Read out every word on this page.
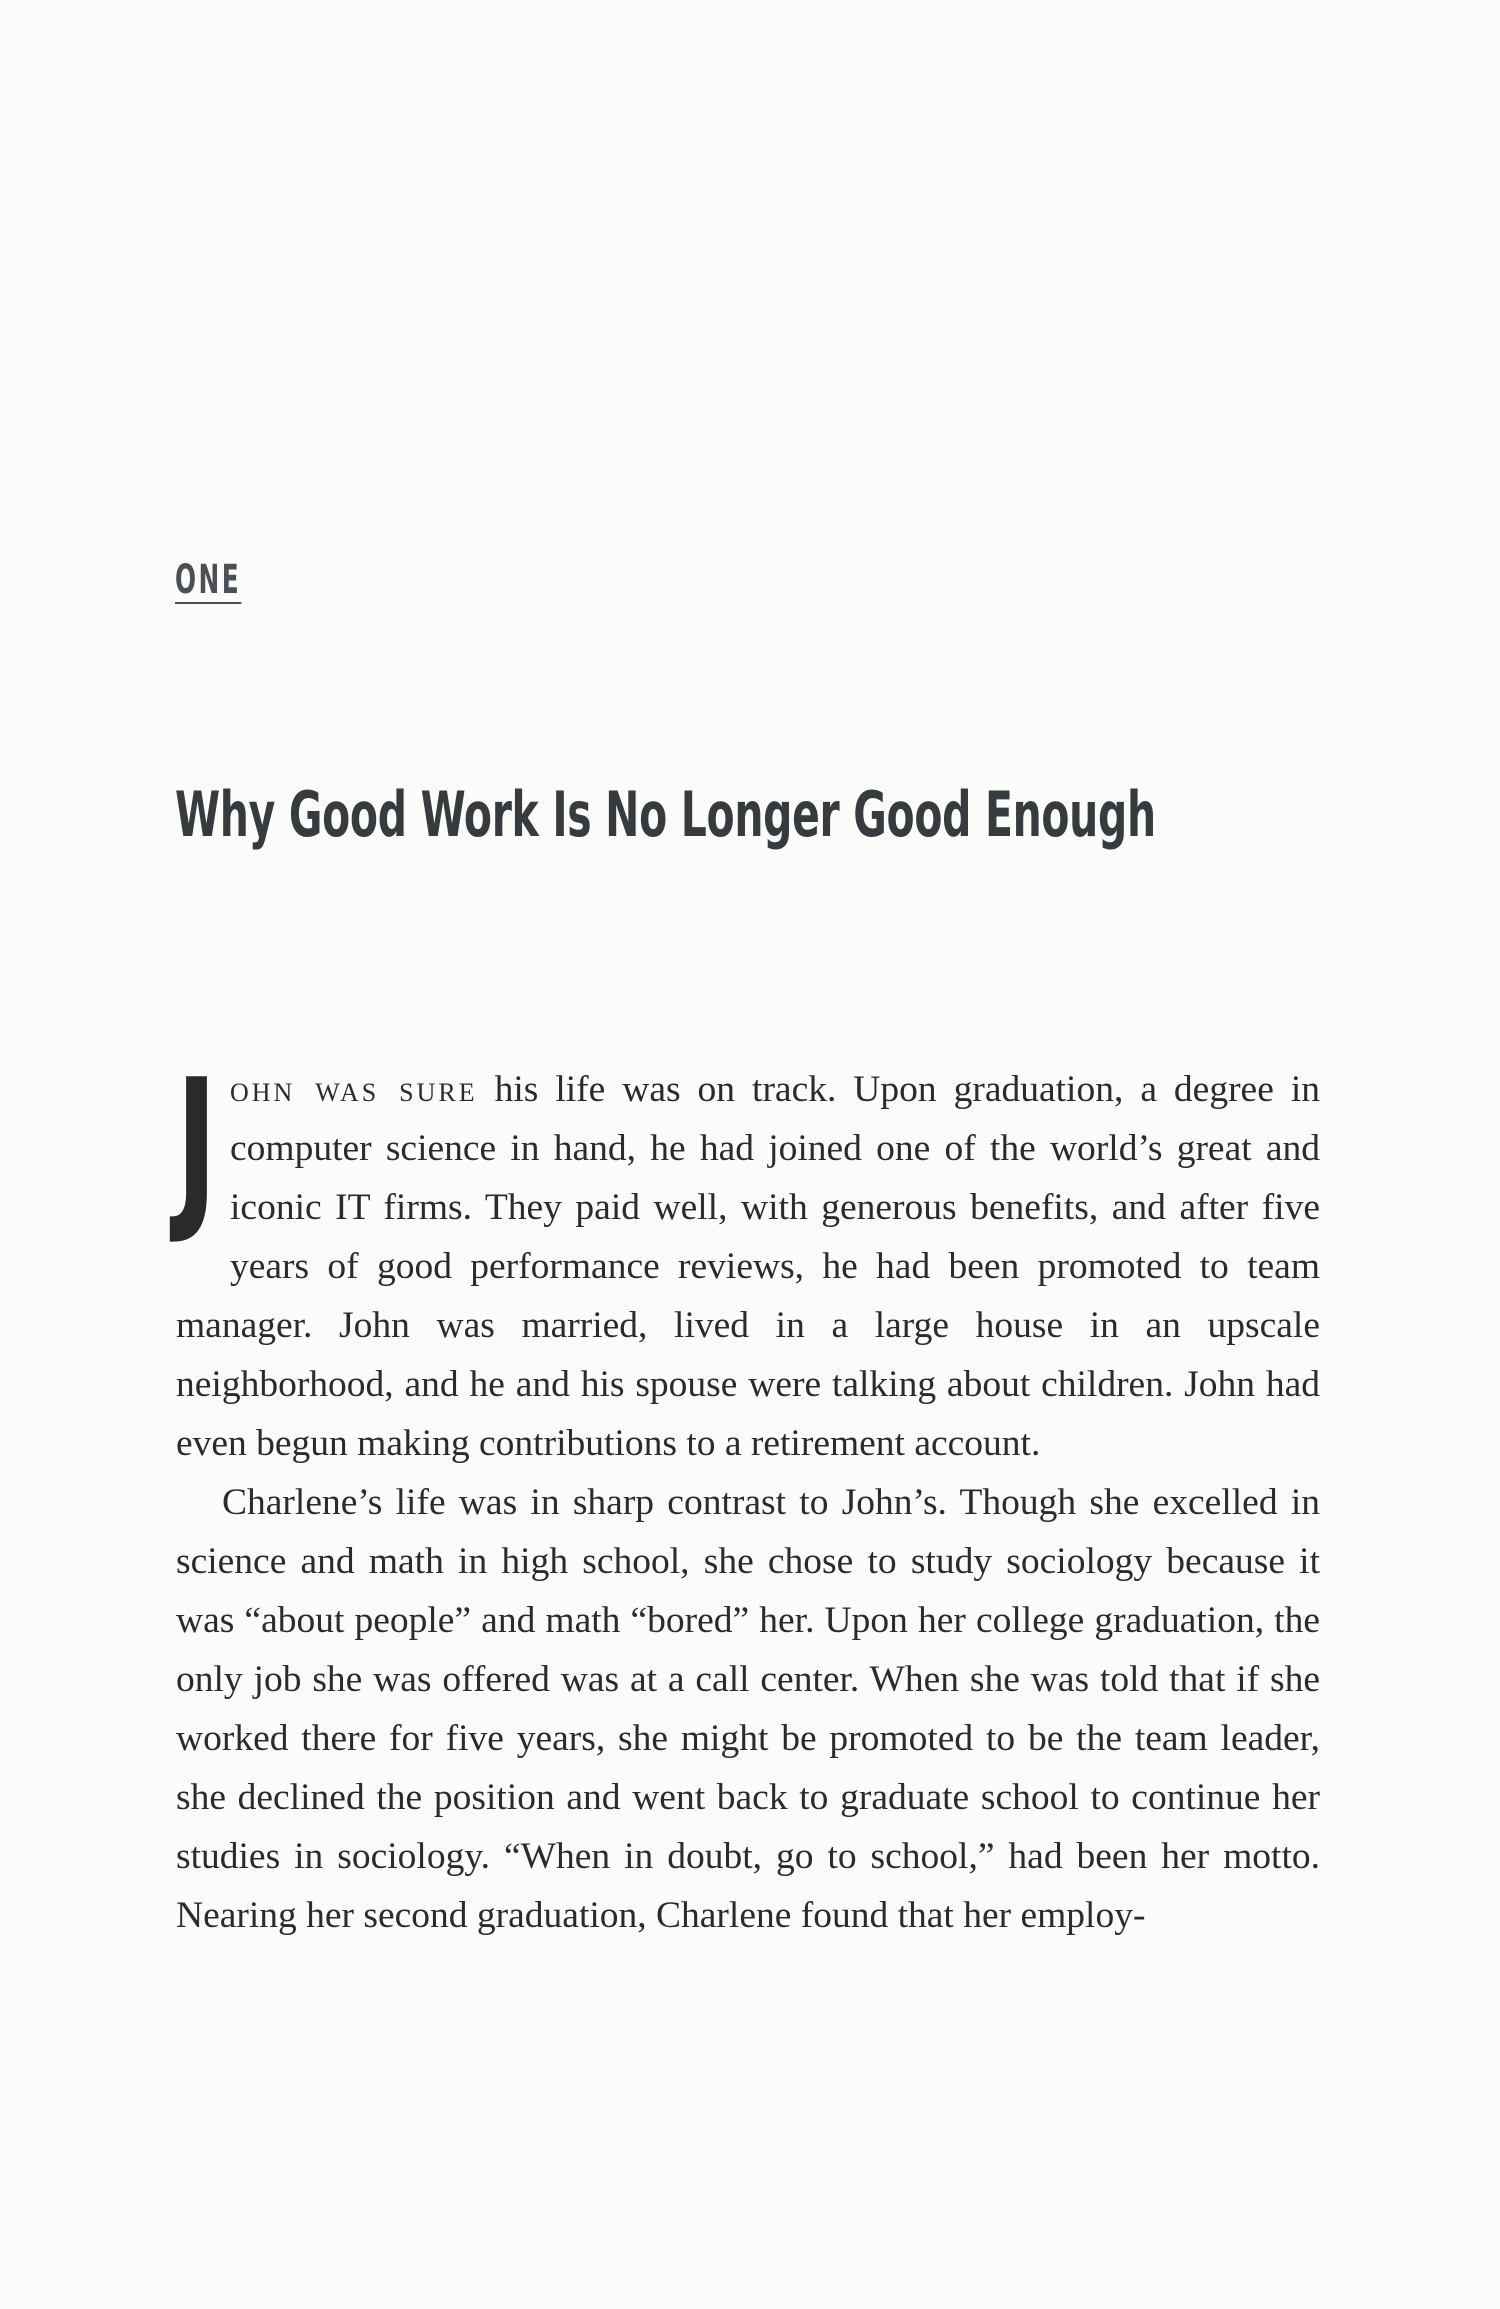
ONE
Why Good Work Is No Longer Good Enough

John was sure his life was on track. Upon graduation, a degree in computer science in hand, he had joined one of the world’s great and iconic IT firms. They paid well, with generous benefits, and after five years of good performance reviews, he had been promoted to team manager. John was married, lived in a large house in an upscale neighborhood, and he and his spouse were talking about children. John had even begun making contributions to a retirement account.

Charlene’s life was in sharp contrast to John’s. Though she excelled in science and math in high school, she chose to study sociology because it was “about people” and math “bored” her. Upon her college graduation, the only job she was offered was at a call center. When she was told that if she worked there for five years, she might be promoted to be the team leader, she declined the position and went back to graduate school to continue her studies in sociology. “When in doubt, go to school,” had been her motto. Nearing her second graduation, Charlene found that her employ-
